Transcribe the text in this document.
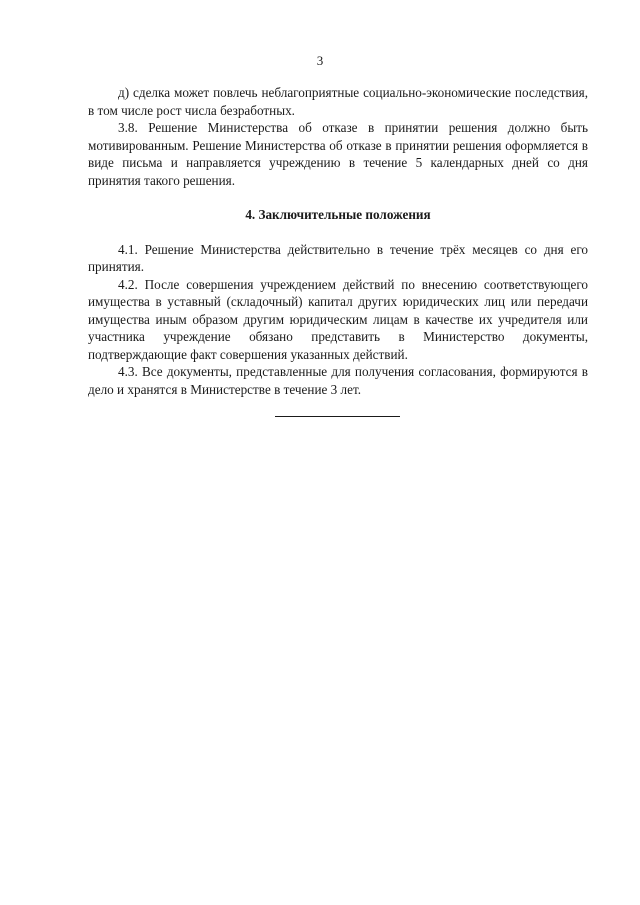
3

д) сделка может повлечь неблагоприятные социально-экономические последствия, в том числе рост числа безработных.

3.8. Решение Министерства об отказе в принятии решения должно быть мотивированным. Решение Министерства об отказе в принятии решения оформляется в виде письма и направляется учреждению в течение 5 календарных дней со дня принятия такого решения.

4. Заключительные положения

4.1. Решение Министерства действительно в течение трёх месяцев со дня его принятия.

4.2. После совершения учреждением действий по внесению соответствующего имущества в уставный (складочный) капитал других юридических лиц или передачи имущества иным образом другим юридическим лицам в качестве их учредителя или участника учреждение обязано представить в Министерство документы, подтверждающие факт совершения указанных действий.

4.3. Все документы, представленные для получения согласования, формируются в дело и хранятся в Министерстве в течение 3 лет.
